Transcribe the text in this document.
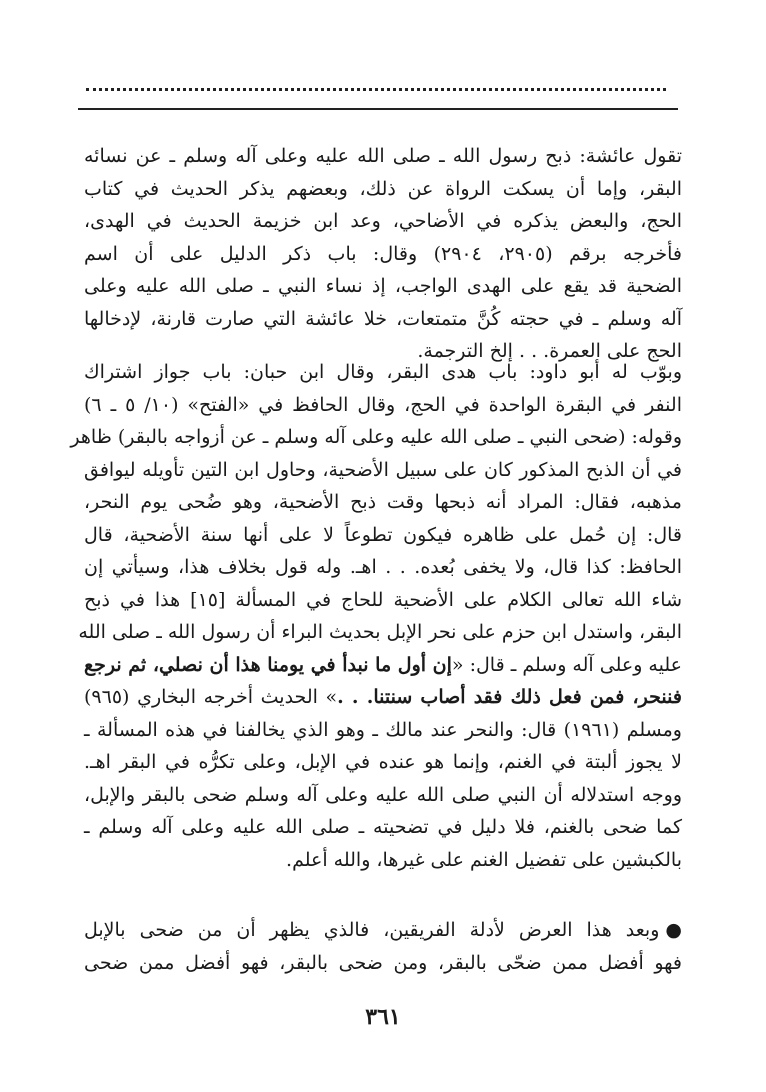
تقول عائشة: ذبح رسول الله ـ صلى الله عليه وعلى آله وسلم ـ عن نسائه
البقر، وإما أن يسكت الرواة عن ذلك، وبعضهم يذكر الحديث في كتاب
الحج، والبعض يذكره في الأضاحي، وعد ابن خزيمة الحديث في الهدى،
فأخرجه برقم (٢٩٠٥، ٢٩٠٤) وقال: باب ذكر الدليل على أن اسم
الضحية قد يقع على الهدى الواجب، إذ نساء النبي ـ صلى الله عليه وعلى
آله وسلم ـ في حجته كُنَّ متمتعات، خلا عائشة التي صارت قارنة، لإدخالها
الحج على العمرة. . . إلخ الترجمة.
وبوّب له أبو داود: باب هدى البقر، وقال ابن حبان: باب جواز اشتراك
النفر في البقرة الواحدة في الحج، وقال الحافظ في «الفتح» (١٠/ ٥ ـ ٦)
وقوله: (ضحى النبي ـ صلى الله عليه وعلى آله وسلم ـ عن أزواجه بالبقر) ظاهر
في أن الذبح المذكور كان على سبيل الأضحية، وحاول ابن التين تأويله ليوافق
مذهبه، فقال: المراد أنه ذبحها وقت ذبح الأضحية، وهو ضُحى يوم النحر،
قال: إن حُمل على ظاهره فيكون تطوعاً لا على أنها سنة الأضحية، قال
الحافظ: كذا قال، ولا يخفى بُعده. . . اهـ. وله قول بخلاف هذا، وسيأتي إن
شاء الله تعالى الكلام على الأضحية للحاج في المسألة [١٥] هذا في ذبح
البقر، واستدل ابن حزم على نحر الإبل بحديث البراء أن رسول الله ـ صلى الله
عليه وعلى آله وسلم ـ قال: «إن أول ما نبدأ في يومنا هذا أن نصلي، ثم نرجع
فننحر، فمن فعل ذلك فقد أصاب سنتنا. . .» الحديث أخرجه البخاري (٩٦٥)
ومسلم (١٩٦١) قال: والنحر عند مالك ـ وهو الذي يخالفنا في هذه المسألة ـ
لا يجوز ألبتة في الغنم، وإنما هو عنده في الإبل، وعلى تكرُّه في البقر اهـ.
ووجه استدلاله أن النبي صلى الله عليه وعلى آله وسلم ضحى بالبقر والإبل،
كما ضحى بالغنم، فلا دليل في تضحيته ـ صلى الله عليه وعلى آله وسلم ـ
بالكبشين على تفضيل الغنم على غيرها، والله أعلم.
●وبعد هذا العرض لأدلة الفريقين، فالذي يظهر أن من ضحى بالإبل
فهو أفضل ممن ضحّى بالبقر، ومن ضحى بالبقر، فهو أفضل ممن ضحى
٣٦١
